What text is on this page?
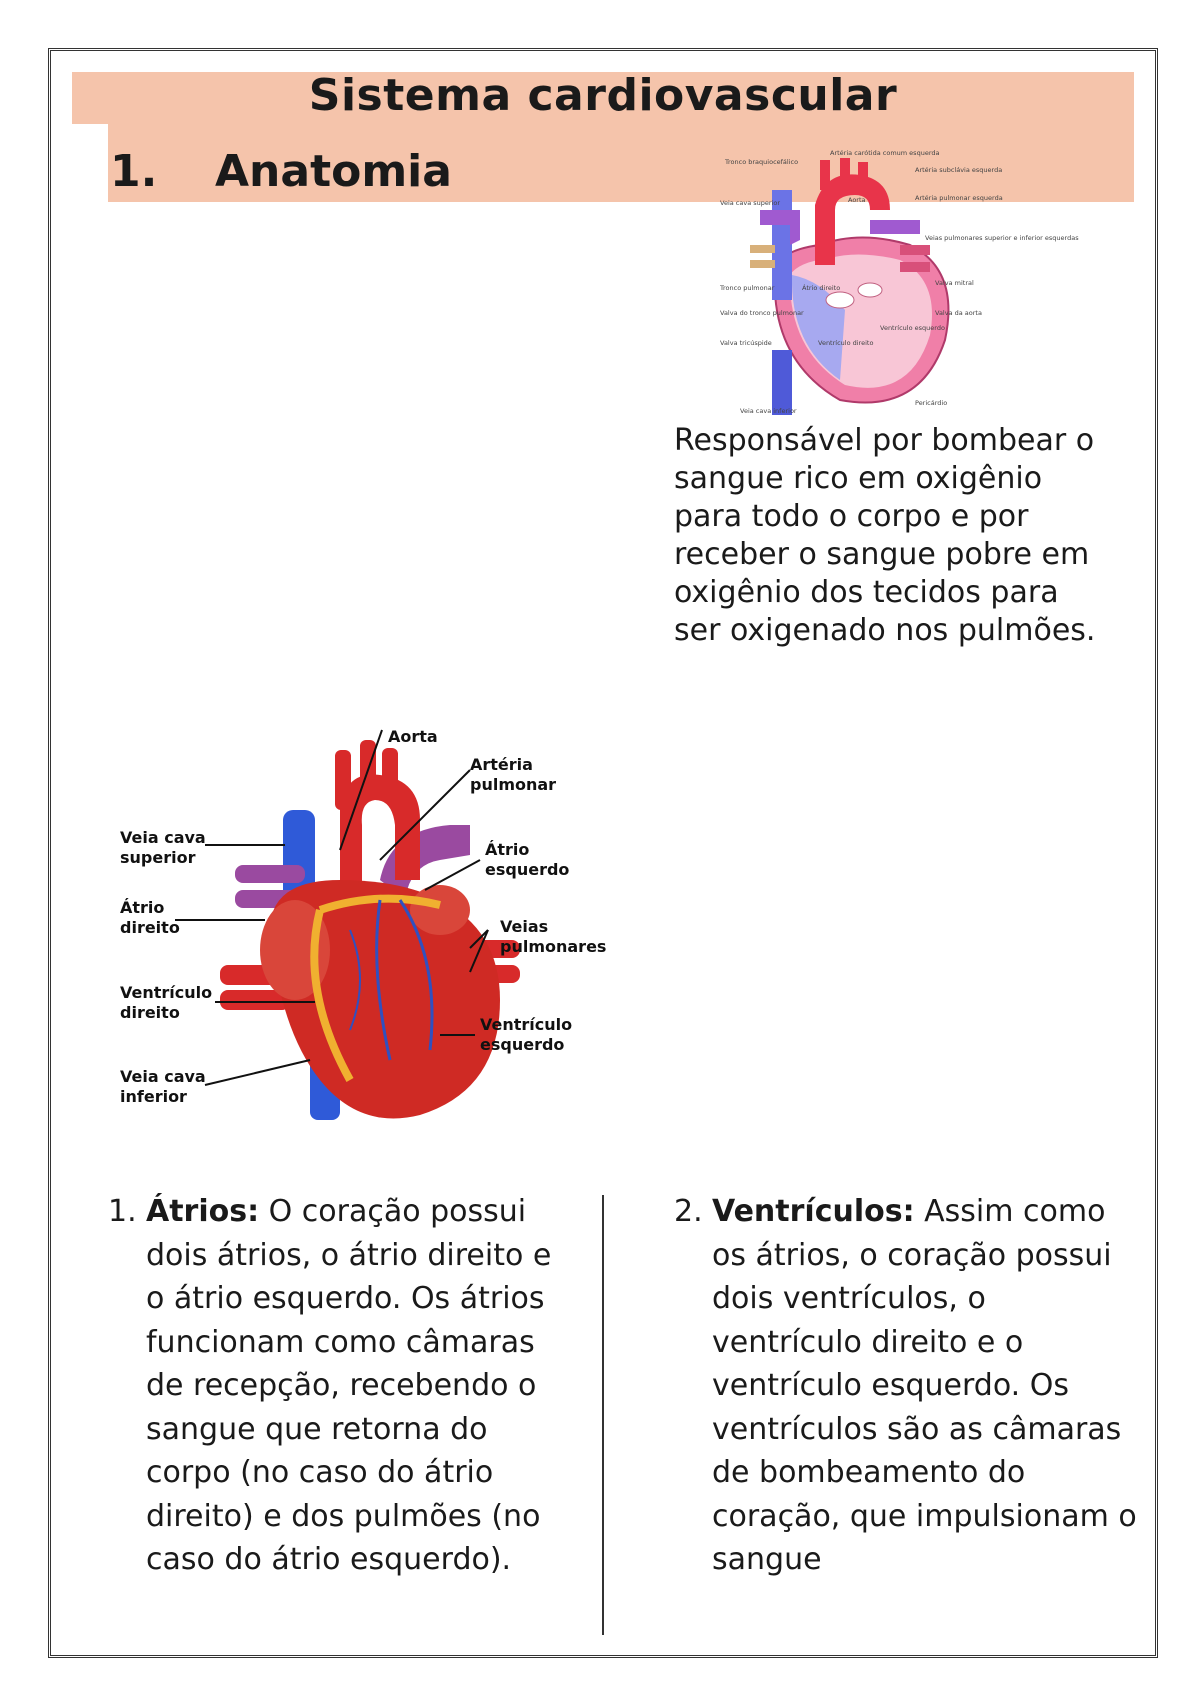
Sistema cardiovascular
1. Anatomia	Tronco braquiocefálico
Artéria carótida comum esquerda
Artéria subclávia esquerda
Artéria pulmonar esquerda
Aorta
Veia cava superior
Veias pulmonares superior e inferior esquerdas
Átrio direito
Valva mitral
Tronco pulmonar
Valva da aorta
Valva do tronco pulmonar
Valva tricúspide	Ventrículo direito
Ventrículo esquerdo
Veia cava inferior
Pericárdio
Responsável por bombear o sangue rico em oxigênio para todo o corpo e por receber o sangue pobre em oxigênio dos tecidos para ser oxigenado nos pulmões.
Aorta
Artéria
pulmonar
Veia cava
superior	Átrio
esquerdo
Átrio
direito	Veias
pulmonares
Ventrículo
direito
Ventrículo
esquerdo
Veia cava
inferior
1. Átrios: O coração possui dois átrios, o átrio direito e o átrio esquerdo. Os átrios funcionam como câmaras de recepção, recebendo o sangue que retorna do corpo (no caso do átrio direito) e dos pulmões (no caso do átrio esquerdo).
2. Ventrículos: Assim como os átrios, o coração possui dois ventrículos, o ventrículo direito e o ventrículo esquerdo. Os ventrículos são as câmaras de bombeamento do coração, que impulsionam o sangue
